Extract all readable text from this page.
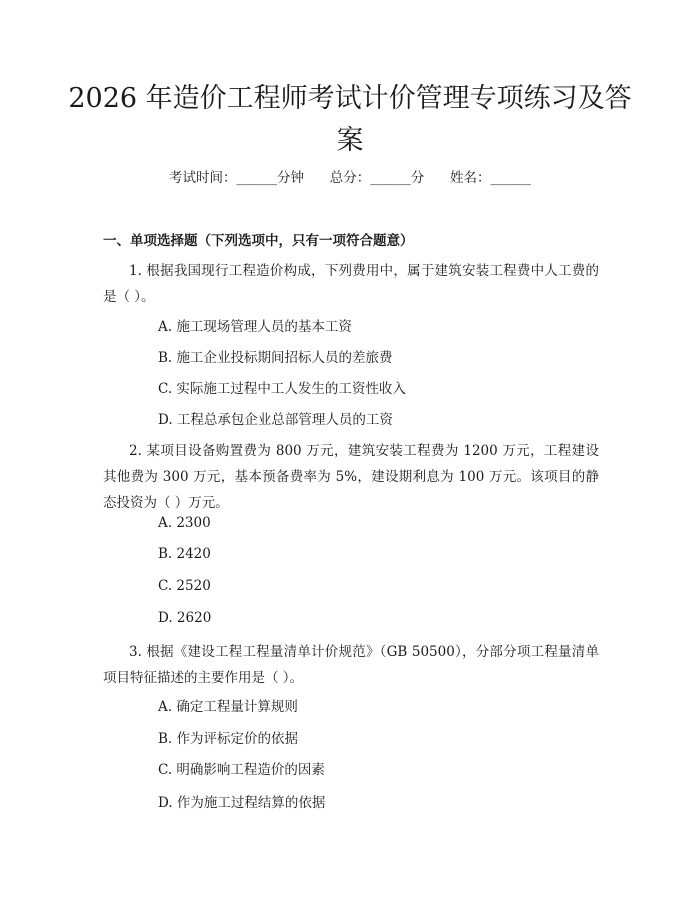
2026 年造价工程师考试计价管理专项练习及答案
考试时间：______分钟      总分：______分      姓名：______
一、单项选择题（下列选项中，只有一项符合题意）
1. 根据我国现行工程造价构成，下列费用中，属于建筑安装工程费中人工费的是（ ）。
A. 施工现场管理人员的基本工资
B. 施工企业投标期间招标人员的差旅费
C. 实际施工过程中工人发生的工资性收入
D. 工程总承包企业总部管理人员的工资
2. 某项目设备购置费为 800 万元，建筑安装工程费为 1200 万元，工程建设其他费为 300 万元，基本预备费率为 5%，建设期利息为 100 万元。该项目的静态投资为（ ）万元。
A. 2300
B. 2420
C. 2520
D. 2620
3. 根据《建设工程工程量清单计价规范》（GB 50500），分部分项工程量清单项目特征描述的主要作用是（ ）。
A. 确定工程量计算规则
B. 作为评标定价的依据
C. 明确影响工程造价的因素
D. 作为施工过程结算的依据
